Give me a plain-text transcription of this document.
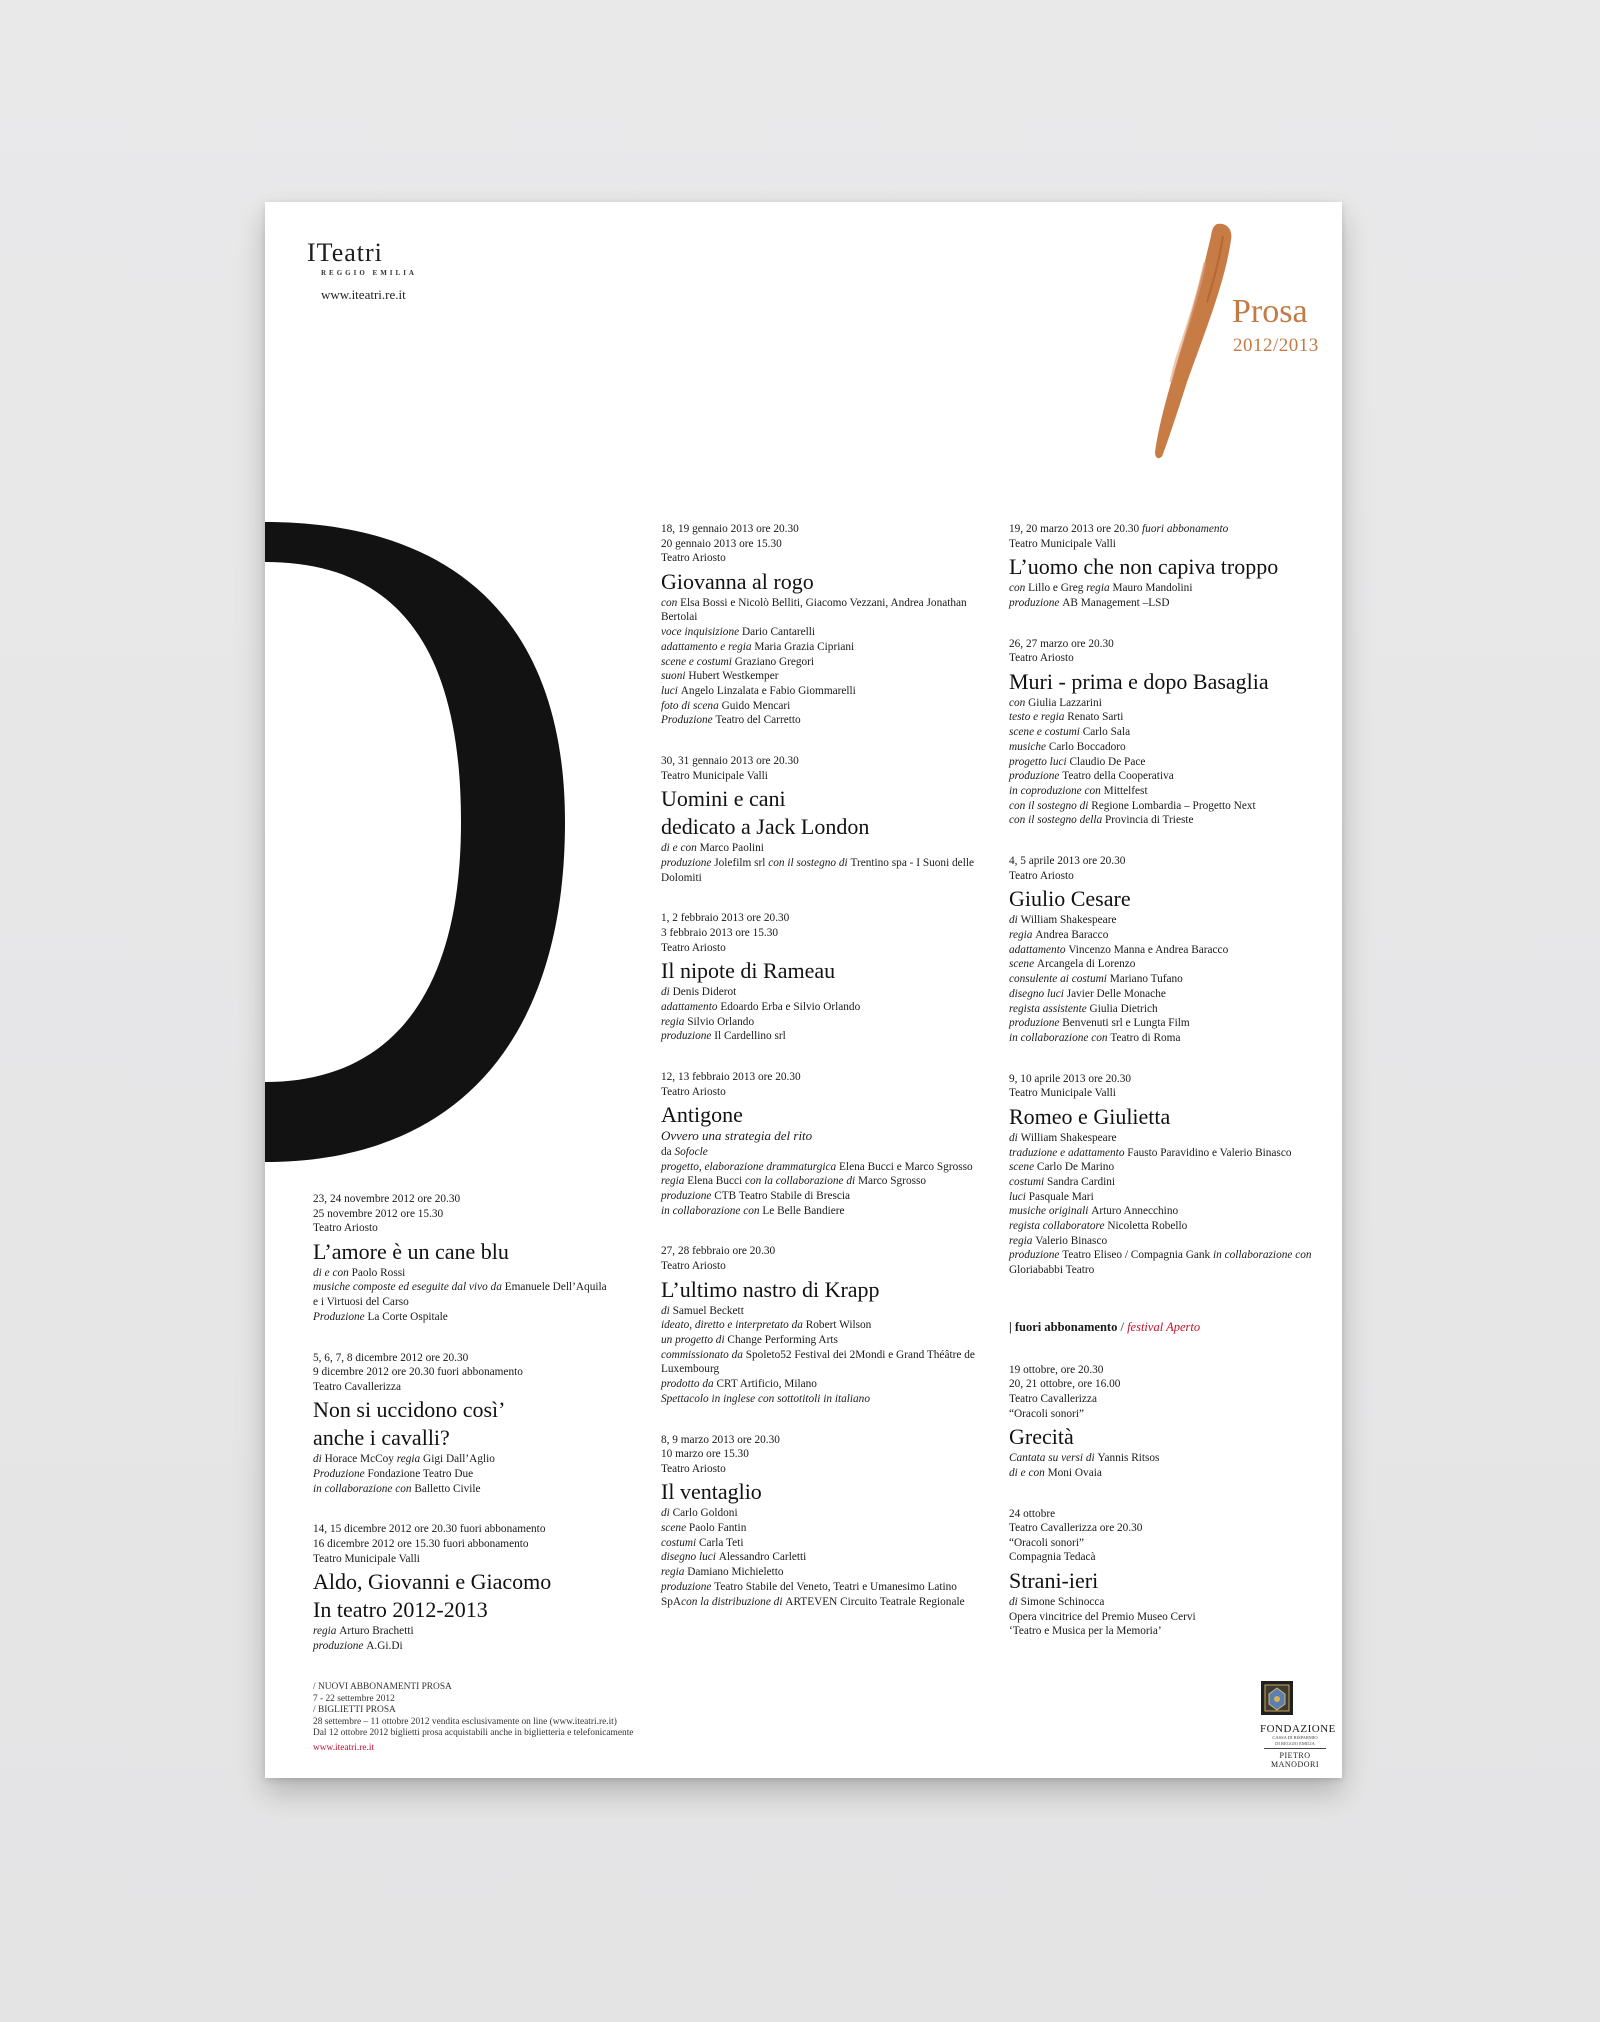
ITeatri
REGGIO EMILIA
www.iteatri.re.it	Prosa
2012/2013
23, 24 novembre 2012 ore 20.30
25 novembre 2012 ore 15.30
Teatro Ariosto
L’amore è un cane blu
di e con Paolo Rossi
musiche composte ed eseguite dal vivo da Emanuele Dell’Aquila e i Virtuosi del Carso
Produzione La Corte Ospitale
5, 6, 7, 8 dicembre 2012 ore 20.30
9 dicembre 2012 ore 20.30 fuori abbonamento
Teatro Cavallerizza
Non si uccidono così’
anche i cavalli?
di Horace McCoy regia Gigi Dall’Aglio
Produzione Fondazione Teatro Due
in collaborazione con Balletto Civile
14, 15 dicembre 2012 ore 20.30 fuori abbonamento
16 dicembre 2012 ore 15.30 fuori abbonamento
Teatro Municipale Valli
Aldo, Giovanni e Giacomo
In teatro 2012-2013
regia Arturo Brachetti
produzione A.Gi.Di
18, 19 gennaio 2013 ore 20.30
20 gennaio 2013 ore 15.30
Teatro Ariosto
Giovanna al rogo
con Elsa Bossi e Nicolò Belliti, Giacomo Vezzani, Andrea Jonathan Bertolai
voce inquisizione Dario Cantarelli
adattamento e regia Maria Grazia Cipriani
scene e costumi Graziano Gregori
suoni Hubert Westkemper
luci Angelo Linzalata e Fabio Giommarelli
foto di scena Guido Mencari
Produzione Teatro del Carretto
30, 31 gennaio 2013 ore 20.30
Teatro Municipale Valli
Uomini e cani
dedicato a Jack London
di e con Marco Paolini
produzione Jolefilm srl con il sostegno di Trentino spa - I Suoni delle Dolomiti
1, 2 febbraio 2013 ore 20.30
3 febbraio 2013 ore 15.30
Teatro Ariosto
Il nipote di Rameau
di Denis Diderot
adattamento Edoardo Erba e Silvio Orlando
regia Silvio Orlando
produzione Il Cardellino srl
12, 13 febbraio 2013 ore 20.30
Teatro Ariosto
Antigone
Ovvero una strategia del rito
da Sofocle
progetto, elaborazione drammaturgica Elena Bucci e Marco Sgrosso
regia Elena Bucci con la collaborazione di Marco Sgrosso
produzione CTB Teatro Stabile di Brescia
in collaborazione con Le Belle Bandiere
27, 28 febbraio ore 20.30
Teatro Ariosto
L’ultimo nastro di Krapp
di Samuel Beckett
ideato, diretto e interpretato da Robert Wilson
un progetto di Change Performing Arts
commissionato da Spoleto52 Festival dei 2Mondi e Grand Théâtre de Luxembourg
prodotto da CRT Artificio, Milano
Spettacolo in inglese con sottotitoli in italiano
8, 9 marzo 2013 ore 20.30
10 marzo ore 15.30
Teatro Ariosto
Il ventaglio
di Carlo Goldoni
scene Paolo Fantin
costumi Carla Teti
disegno luci Alessandro Carletti
regia Damiano Michieletto
produzione Teatro Stabile del Veneto, Teatri e Umanesimo Latino SpAcon la distribuzione di ARTEVEN Circuito Teatrale Regionale
19, 20 marzo 2013 ore 20.30 fuori abbonamento
Teatro Municipale Valli
L’uomo che non capiva troppo
con Lillo e Greg regia Mauro Mandolini
produzione AB Management –LSD
26, 27 marzo ore 20.30
Teatro Ariosto
Muri - prima e dopo Basaglia
con Giulia Lazzarini
testo e regia Renato Sarti
scene e costumi Carlo Sala
musiche Carlo Boccadoro
progetto luci Claudio De Pace
produzione Teatro della Cooperativa
in coproduzione con Mittelfest
con il sostegno di Regione Lombardia – Progetto Next
con il sostegno della Provincia di Trieste
4, 5 aprile 2013 ore 20.30
Teatro Ariosto
Giulio Cesare
di William Shakespeare
regia Andrea Baracco
adattamento Vincenzo Manna e Andrea Baracco
scene Arcangela di Lorenzo
consulente ai costumi Mariano Tufano
disegno luci Javier Delle Monache
regista assistente Giulia Dietrich
produzione Benvenuti srl e Lungta Film
in collaborazione con Teatro di Roma
9, 10 aprile 2013 ore 20.30
Teatro Municipale Valli
Romeo e Giulietta
di William Shakespeare
traduzione e adattamento Fausto Paravidino e Valerio Binasco
scene Carlo De Marino
costumi Sandra Cardini
luci Pasquale Mari
musiche originali Arturo Annecchino
regista collaboratore Nicoletta Robello
regia Valerio Binasco
produzione Teatro Eliseo / Compagnia Gank in collaborazione con Gloriababbi Teatro
| fuori abbonamento / festival Aperto
19 ottobre, ore 20.30
20, 21 ottobre, ore 16.00
Teatro Cavallerizza
“Oracoli sonori”
Grecità
Cantata su versi di Yannis Ritsos
di e con Moni Ovaia
24 ottobre
Teatro Cavallerizza ore 20.30
“Oracoli sonori”
Compagnia Tedacà
Strani-ieri
di Simone Schinocca
Opera vincitrice del Premio Museo Cervi
‘Teatro e Musica per la Memoria’
/ NUOVI ABBONAMENTI PROSA
7 - 22 settembre 2012
/ BIGLIETTI PROSA
28 settembre – 11 ottobre 2012 vendita esclusivamente on line (www.iteatri.re.it)
Dal 12 ottobre 2012 biglietti prosa acquistabili anche in biglietteria e telefonicamente
www.iteatri.re.it
FONDAZIONE
CASSA DI RISPARMIO
DI REGGIO EMILIA
PIETRO MANODORI
